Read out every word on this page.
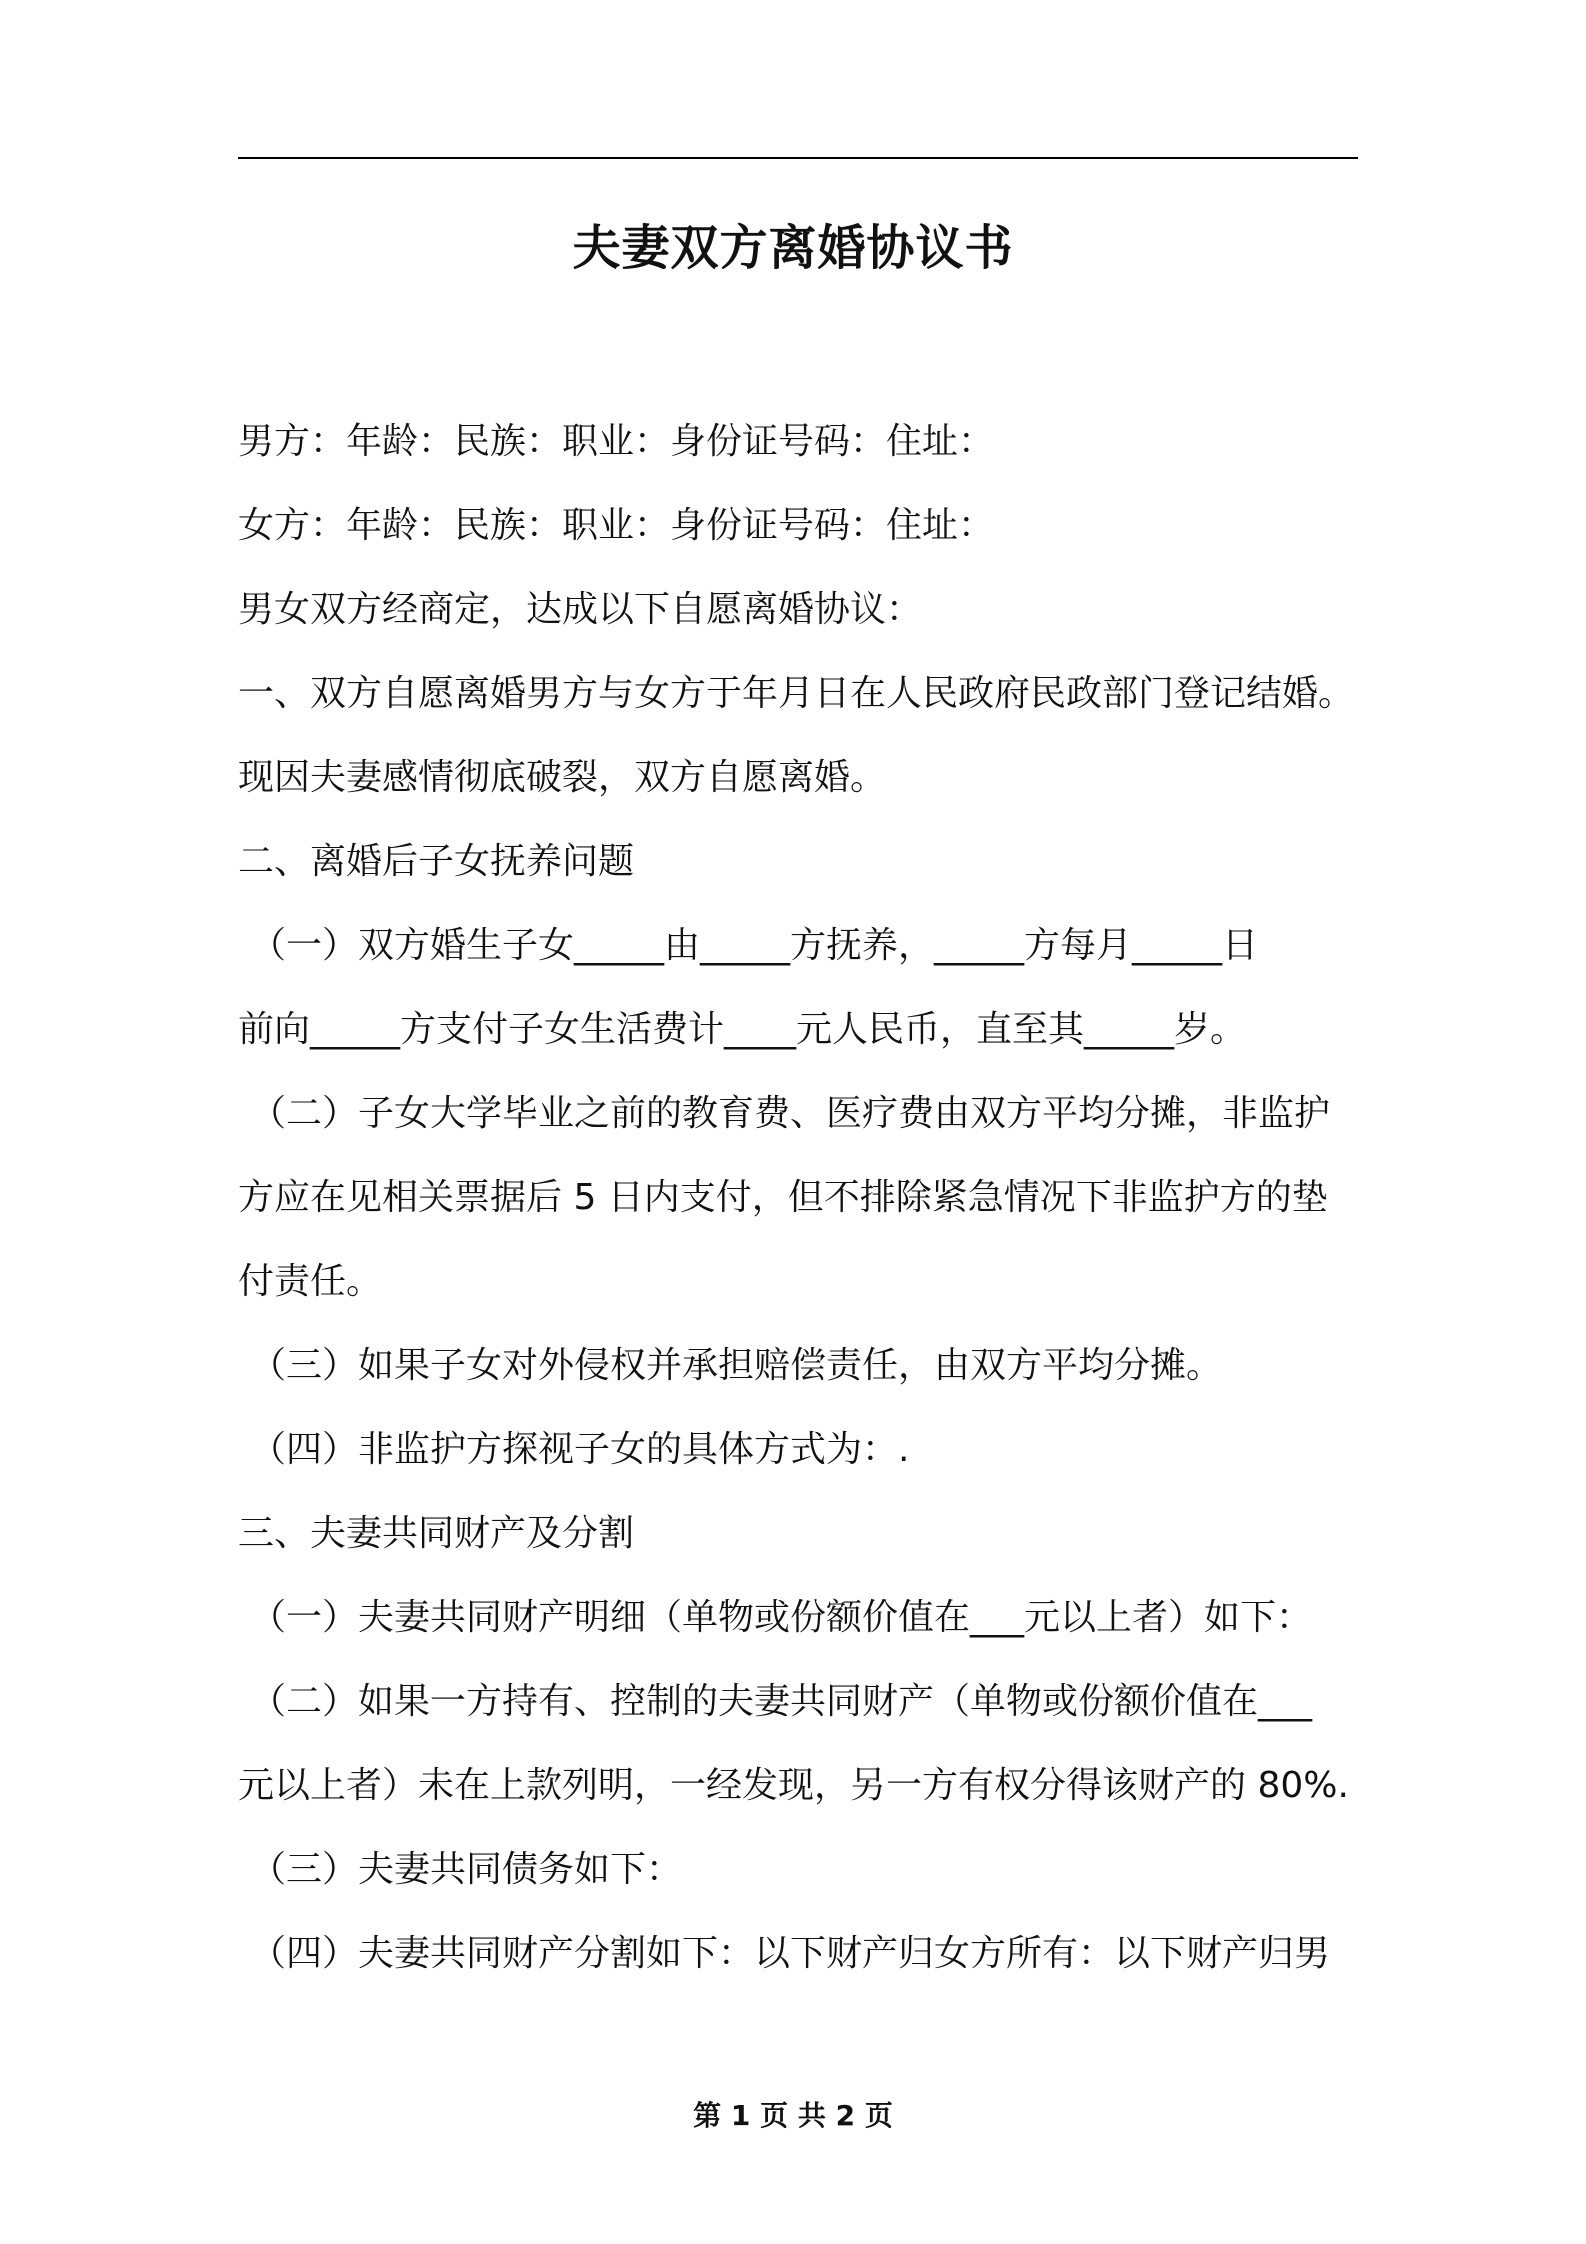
夫妻双方离婚协议书

男方：年龄：民族：职业：身份证号码：住址：

女方：年龄：民族：职业：身份证号码：住址：

男女双方经商定，达成以下自愿离婚协议：

一、双方自愿离婚男方与女方于年月日在人民政府民政部门登记结婚。

现因夫妻感情彻底破裂，双方自愿离婚。

二、离婚后子女抚养问题

（一）双方婚生子女_____由_____方抚养，_____方每月_____日

前向_____方支付子女生活费计____元人民币，直至其_____岁。

（二）子女大学毕业之前的教育费、医疗费由双方平均分摊，非监护

方应在见相关票据后 5 日内支付，但不排除紧急情况下非监护方的垫

付责任。

（三）如果子女对外侵权并承担赔偿责任，由双方平均分摊。

（四）非监护方探视子女的具体方式为：.

三、夫妻共同财产及分割

（一）夫妻共同财产明细（单物或份额价值在___元以上者）如下：

（二）如果一方持有、控制的夫妻共同财产（单物或份额价值在___

元以上者）未在上款列明，一经发现，另一方有权分得该财产的 80%.

（三）夫妻共同债务如下：

（四）夫妻共同财产分割如下：以下财产归女方所有：以下财产归男

第 1 页 共 2 页
